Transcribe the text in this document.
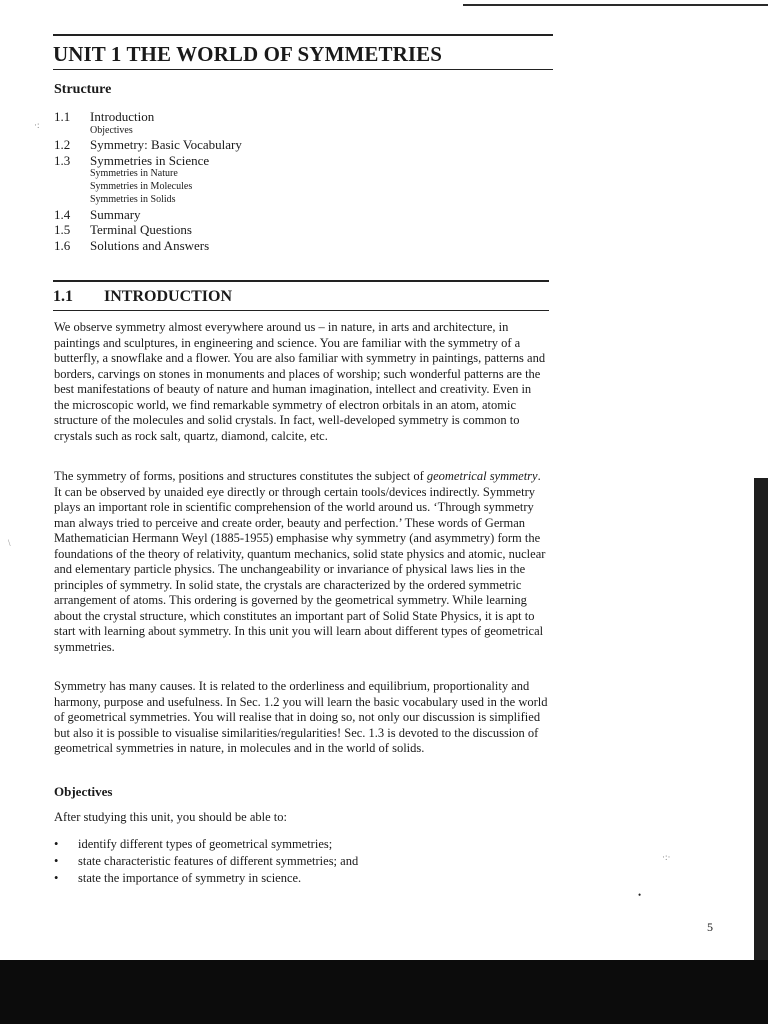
·:
\
·:·
•
UNIT 1 THE WORLD OF SYMMETRIES
Structure
1.1	Introduction
Objectives
1.2	Symmetry: Basic Vocabulary
1.3	Symmetries in Science
Symmetries in Nature
Symmetries in Molecules
Symmetries in Solids
1.4	Summary
1.5	Terminal Questions
1.6	Solutions and Answers
1.1 INTRODUCTION

We observe symmetry almost everywhere around us – in nature, in arts and architecture, in paintings and sculptures, in engineering and science. You are familiar with the symmetry of a butterfly, a snowflake and a flower. You are also familiar with symmetry in paintings, patterns and borders, carvings on stones in monuments and places of worship; such wonderful patterns are the best manifestations of beauty of nature and human imagination, intellect and creativity. Even in the microscopic world, we find remarkable symmetry of electron orbitals in an atom, atomic structure of the molecules and solid crystals. In fact, well-developed symmetry is common to crystals such as rock salt, quartz, diamond, calcite, etc.

The symmetry of forms, positions and structures constitutes the subject of geometrical symmetry. It can be observed by unaided eye directly or through certain tools/devices indirectly. Symmetry plays an important role in scientific comprehension of the world around us. ‘Through symmetry man always tried to perceive and create order, beauty and perfection.’ These words of German Mathematician Hermann Weyl (1885-1955) emphasise why symmetry (and asymmetry) form the foundations of the theory of relativity, quantum mechanics, solid state physics and atomic, nuclear and elementary particle physics. The unchangeability or invariance of physical laws lies in the principles of symmetry. In solid state, the crystals are characterized by the ordered symmetric arrangement of atoms. This ordering is governed by the geometrical symmetry. While learning about the crystal structure, which constitutes an important part of Solid State Physics, it is apt to start with learning about symmetry. In this unit you will learn about different types of geometrical symmetries.

Symmetry has many causes. It is related to the orderliness and equilibrium, proportionality and harmony, purpose and usefulness. In Sec. 1.2 you will learn the basic vocabulary used in the world of geometrical symmetries. You will realise that in doing so, not only our discussion is simplified but also it is possible to visualise similarities/regularities! Sec. 1.3 is devoted to the discussion of geometrical symmetries in nature, in molecules and in the world of solids.

Objectives

After studying this unit, you should be able to:

•	identify different types of geometrical symmetries;
•	state characteristic features of different symmetries; and
•	state the importance of symmetry in science.
5
